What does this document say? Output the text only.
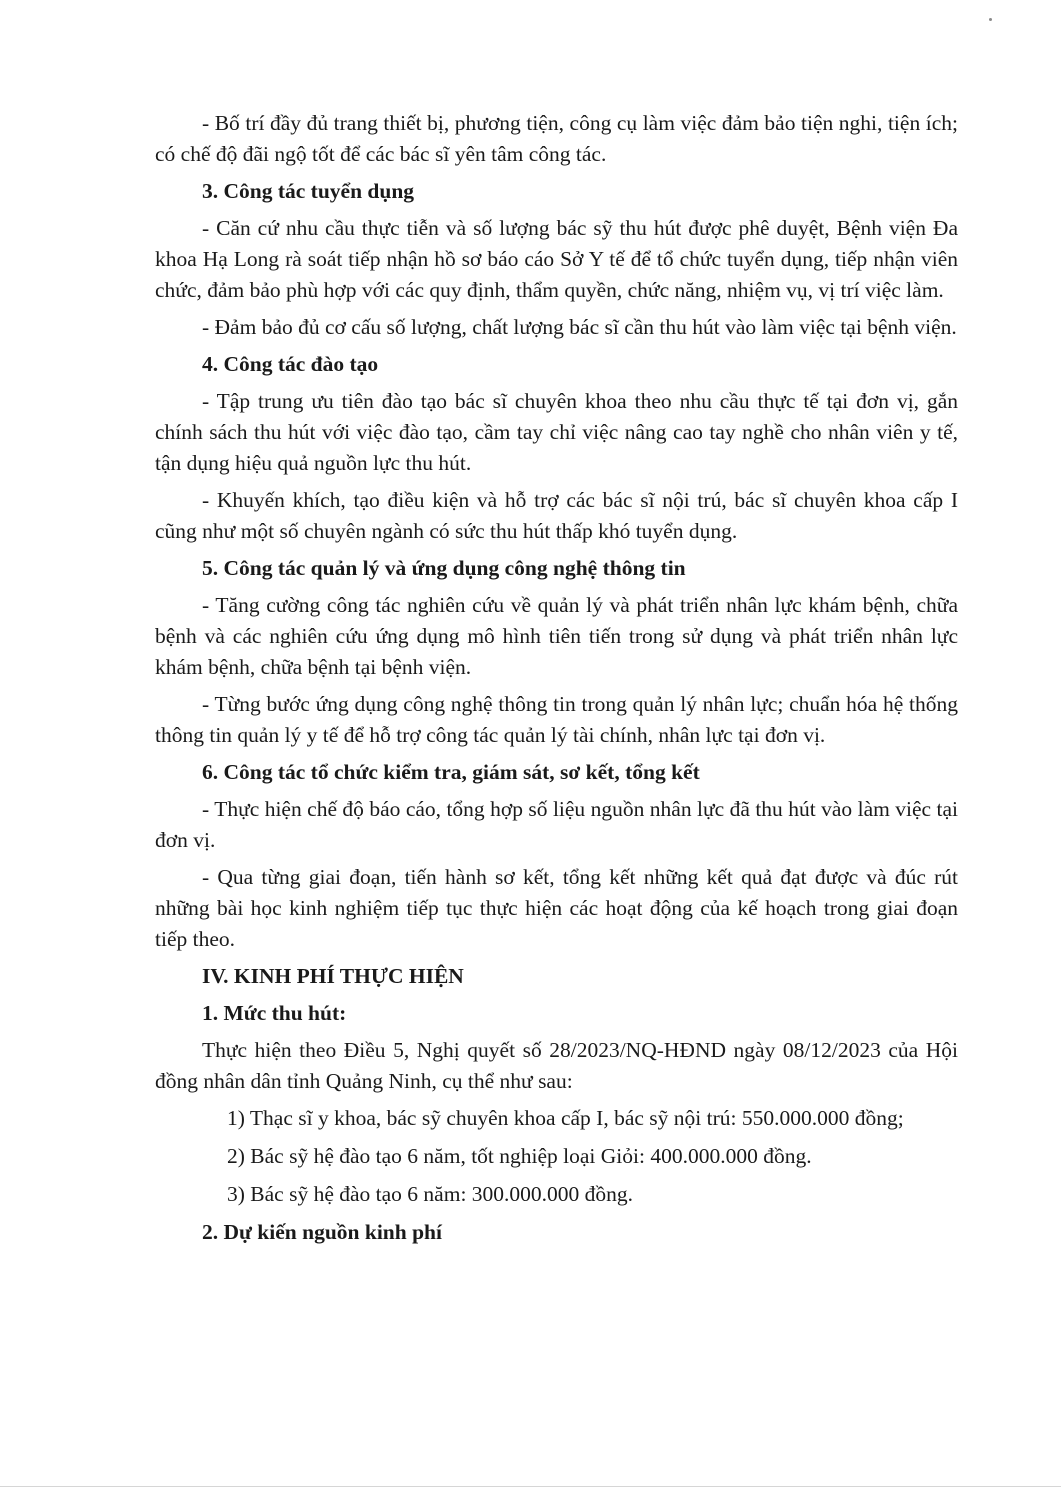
- Bố trí đầy đủ trang thiết bị, phương tiện, công cụ làm việc đảm bảo tiện nghi, tiện ích; có chế độ đãi ngộ tốt để các bác sĩ yên tâm công tác.

3. Công tác tuyển dụng

- Căn cứ nhu cầu thực tiễn và số lượng bác sỹ thu hút được phê duyệt, Bệnh viện Đa khoa Hạ Long rà soát tiếp nhận hồ sơ báo cáo Sở Y tế để tổ chức tuyển dụng, tiếp nhận viên chức, đảm bảo phù hợp với các quy định, thẩm quyền, chức năng, nhiệm vụ, vị trí việc làm.

- Đảm bảo đủ cơ cấu số lượng, chất lượng bác sĩ cần thu hút vào làm việc tại bệnh viện.

4. Công tác đào tạo

- Tập trung ưu tiên đào tạo bác sĩ chuyên khoa theo nhu cầu thực tế tại đơn vị, gắn chính sách thu hút với việc đào tạo, cầm tay chỉ việc nâng cao tay nghề cho nhân viên y tế, tận dụng hiệu quả nguồn lực thu hút.

- Khuyến khích, tạo điều kiện và hỗ trợ các bác sĩ nội trú, bác sĩ chuyên khoa cấp I cũng như một số chuyên ngành có sức thu hút thấp khó tuyển dụng.

5. Công tác quản lý và ứng dụng công nghệ thông tin

- Tăng cường công tác nghiên cứu về quản lý và phát triển nhân lực khám bệnh, chữa bệnh và các nghiên cứu ứng dụng mô hình tiên tiến trong sử dụng và phát triển nhân lực khám bệnh, chữa bệnh tại bệnh viện.

- Từng bước ứng dụng công nghệ thông tin trong quản lý nhân lực; chuẩn hóa hệ thống thông tin quản lý y tế để hỗ trợ công tác quản lý tài chính, nhân lực tại đơn vị.

6. Công tác tổ chức kiểm tra, giám sát, sơ kết, tổng kết

- Thực hiện chế độ báo cáo, tổng hợp số liệu nguồn nhân lực đã thu hút vào làm việc tại đơn vị.

- Qua từng giai đoạn, tiến hành sơ kết, tổng kết những kết quả đạt được và đúc rút những bài học kinh nghiệm tiếp tục thực hiện các hoạt động của kế hoạch trong giai đoạn tiếp theo.

IV. KINH PHÍ THỰC HIỆN

1. Mức thu hút:

Thực hiện theo Điều 5, Nghị quyết số 28/2023/NQ-HĐND ngày 08/12/2023 của Hội đồng nhân dân tỉnh Quảng Ninh, cụ thể như sau:

1) Thạc sĩ y khoa, bác sỹ chuyên khoa cấp I, bác sỹ nội trú: 550.000.000 đồng;

2) Bác sỹ hệ đào tạo 6 năm, tốt nghiệp loại Giỏi: 400.000.000 đồng.

3) Bác sỹ hệ đào tạo 6 năm: 300.000.000 đồng.

2. Dự kiến nguồn kinh phí
